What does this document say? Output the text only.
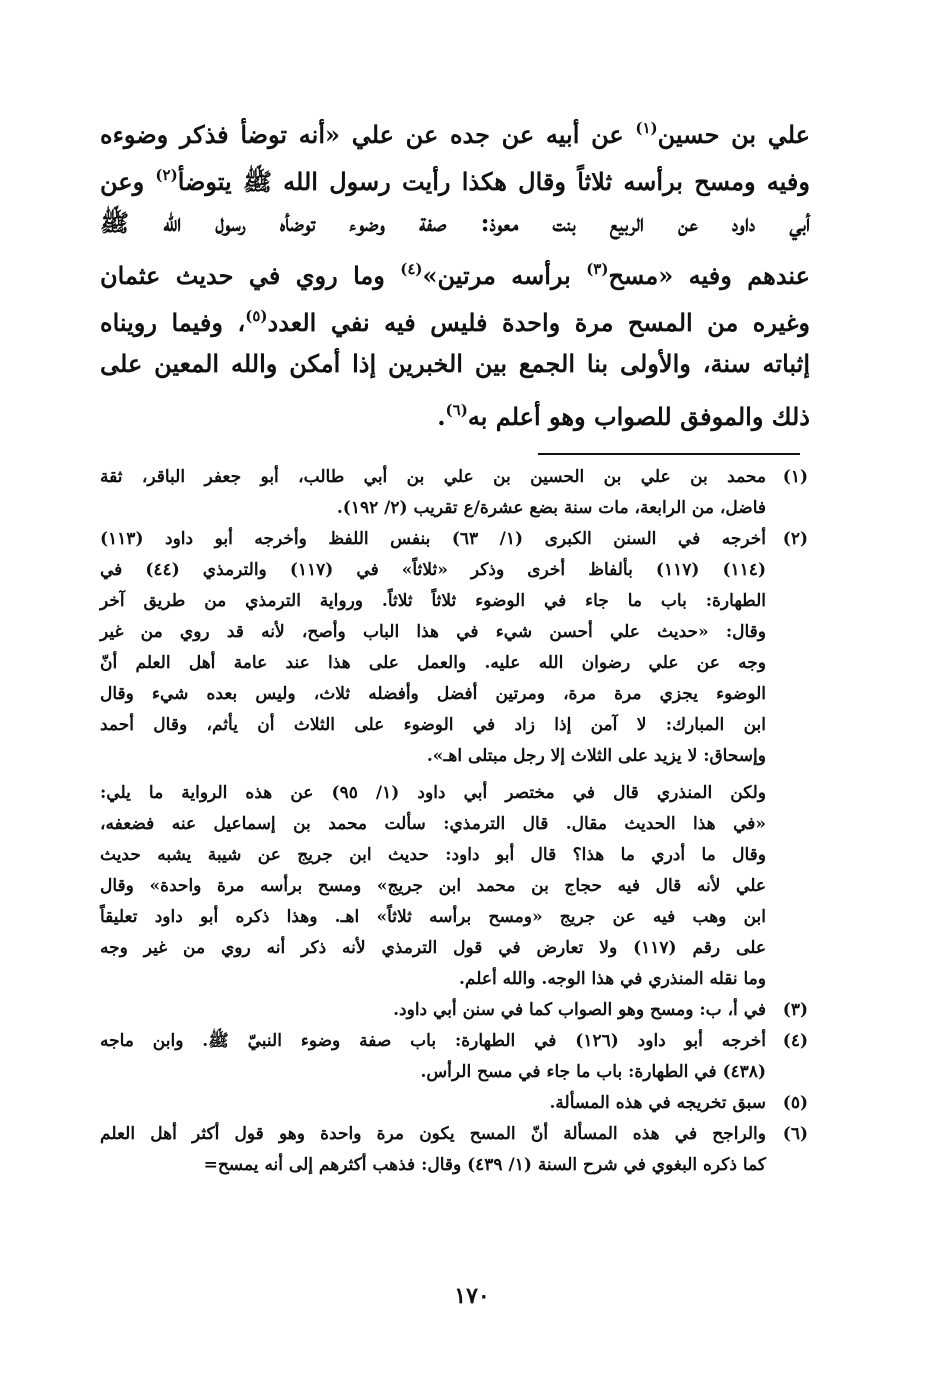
علي بن حسين$^{(١)}$ عن أبيه عن جده عن علي «أنه توضأ فذكر وضوءه
وفيه ومسح برأسه ثلاثاً وقال هكذا رأيت رسول الله ﷺ يتوضأ$^{(٢)}$ وعن
أبي داود عن الربيع بنت معوذ: صفة وضوء توضأه رسول الله ﷺ
عندهم وفيه «مسح$^{(٣)}$ برأسه مرتين»$^{(٤)}$ وما روي في حديث عثمان
وغيره من المسح مرة واحدة فليس فيه نفي العدد$^{(٥)}$، وفيما رويناه
إثباته سنة، والأولى بنا الجمع بين الخبرين إذا أمكن والله المعين على
ذلك والموفق للصواب وهو أعلم به$^{(٦)}$.
(١)
محمد بن علي بن الحسين بن علي بن أبي طالب، أبو جعفر الباقر، ثقة
فاضل، من الرابعة، مات سنة بضع عشرة/ع تقريب (٢/ ١٩٢).
(٢)
أخرجه في السنن الكبرى (١/ ٦٣) بنفس اللفظ وأخرجه أبو داود (١١٣)
(١١٤) (١١٧) بألفاظ أخرى وذكر «ثلاثاً» في (١١٧) والترمذي (٤٤) في
الطهارة: باب ما جاء في الوضوء ثلاثاً ثلاثاً. ورواية الترمذي من طريق آخر
وقال: «حديث علي أحسن شيء في هذا الباب وأصح، لأنه قد روي من غير
وجه عن علي رضوان الله عليه. والعمل على هذا عند عامة أهل العلم أنّ
الوضوء يجزي مرة مرة، ومرتين أفضل وأفضله ثلاث، وليس بعده شيء وقال
ابن المبارك: لا آمن إذا زاد في الوضوء على الثلاث أن يأثم، وقال أحمد
وإسحاق: لا يزيد على الثلاث إلا رجل مبتلى اهـ».
ولكن المنذري قال في مختصر أبي داود (١/ ٩٥) عن هذه الرواية ما يلي:
«في هذا الحديث مقال. قال الترمذي: سألت محمد بن إسماعيل عنه فضعفه،
وقال ما أدري ما هذا؟ قال أبو داود: حديث ابن جريج عن شيبة يشبه حديث
علي لأنه قال فيه حجاج بن محمد ابن جريج» ومسح برأسه مرة واحدة» وقال
ابن وهب فيه عن جريج «ومسح برأسه ثلاثاً» اهـ. وهذا ذكره أبو داود تعليقاً
على رقم (١١٧) ولا تعارض في قول الترمذي لأنه ذكر أنه روي من غير وجه
وما نقله المنذري في هذا الوجه. والله أعلم.
(٣)
في أ، ب: ومسح وهو الصواب كما في سنن أبي داود.
(٤)
أخرجه أبو داود (١٢٦) في الطهارة: باب صفة وضوء النبيّ ﷺ. وابن ماجه
(٤٣٨) في الطهارة: باب ما جاء في مسح الرأس.
(٥)
سبق تخريجه في هذه المسألة.
(٦)
والراجح في هذه المسألة أنّ المسح يكون مرة واحدة وهو قول أكثر أهل العلم
كما ذكره البغوي في شرح السنة (١/ ٤٣٩) وقال: فذهب أكثرهم إلى أنه يمسح=
١٧٠
